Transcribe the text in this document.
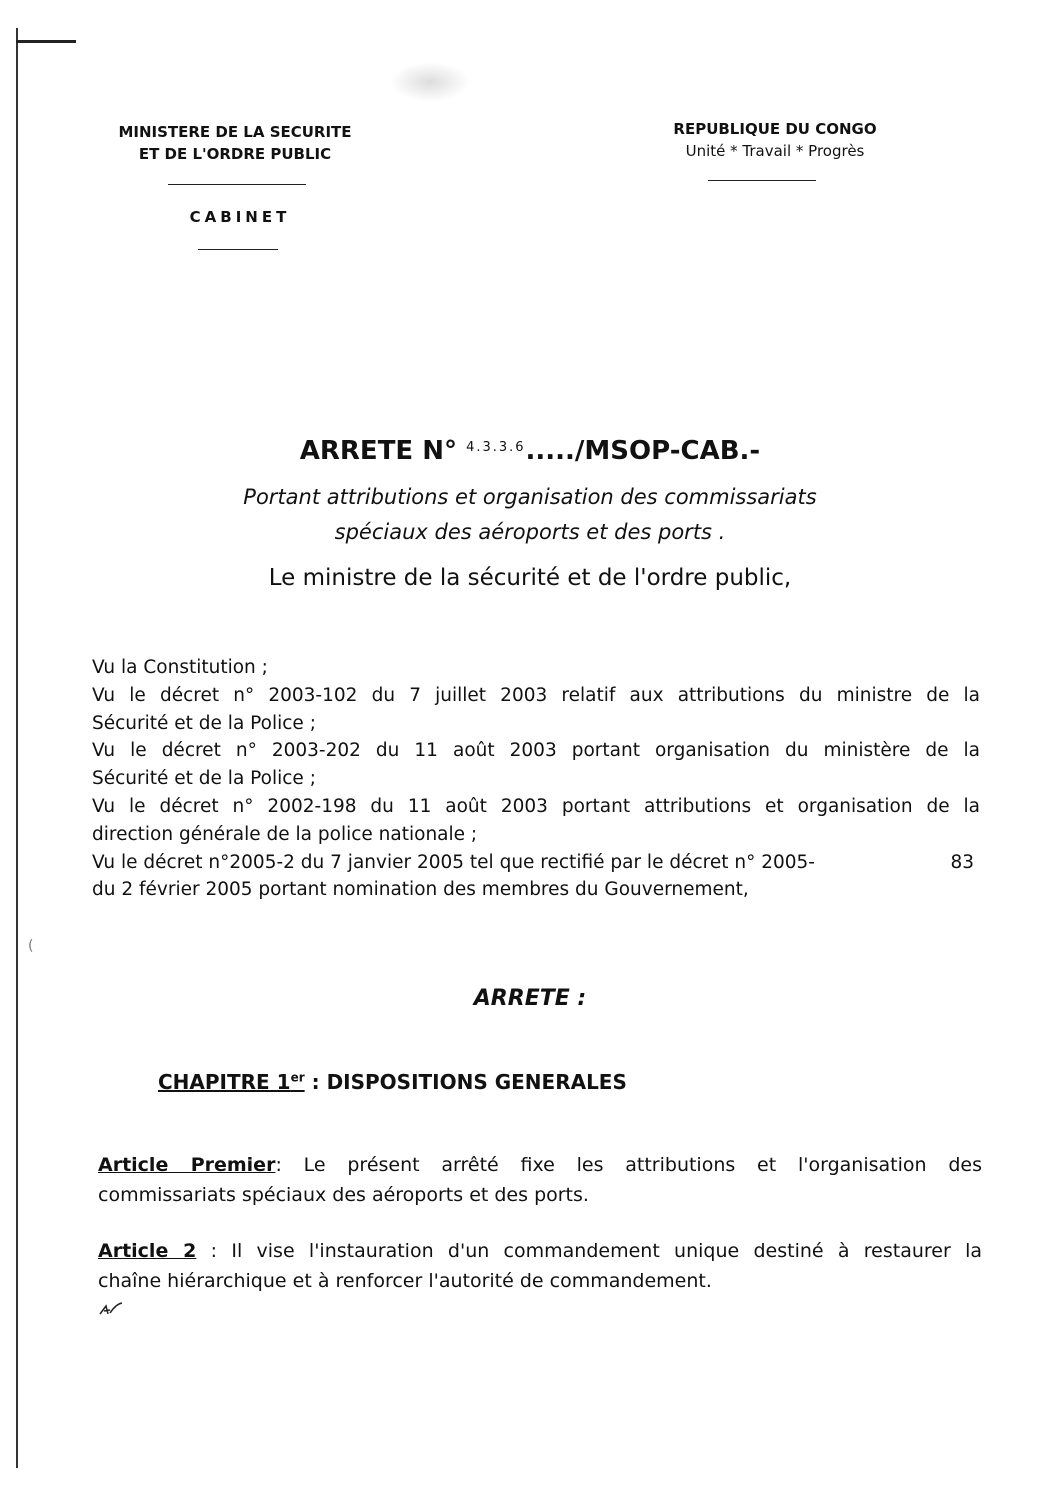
MINISTERE DE LA SECURITE
ET DE L'ORDRE PUBLIC
CABINET
REPUBLIQUE DU CONGO
Unité * Travail * Progrès
ARRETE N° $^{4.3.3.6}$...../MSOP-CAB.-
Portant attributions et organisation des commissariats
spéciaux des aéroports et des ports .
Le ministre de la sécurité et de l'ordre public,
Vu la Constitution ;
Vu le décret n° 2003-102 du 7 juillet 2003 relatif aux attributions du ministre de la
Sécurité et de la Police ;
Vu le décret n° 2003-202 du 11 août 2003 portant organisation du ministère de la
Sécurité et de la Police ;
Vu le décret n° 2002-198 du 11 août 2003 portant attributions et organisation de la
direction générale de la police nationale ;
Vu le décret n°2005-2 du 7 janvier 2005 tel que rectifié par le décret n° 2005-	83
du 2 février 2005 portant nomination des membres du Gouvernement,
(
ARRETE :
CHAPITRE 1er : DISPOSITIONS GENERALES
Article Premier: Le présent arrêté fixe les attributions et l'organisation des
commissariats spéciaux des aéroports et des ports.
Article 2 : Il vise l'instauration d'un commandement unique destiné à restaurer la
chaîne hiérarchique et à renforcer l'autorité de commandement.
